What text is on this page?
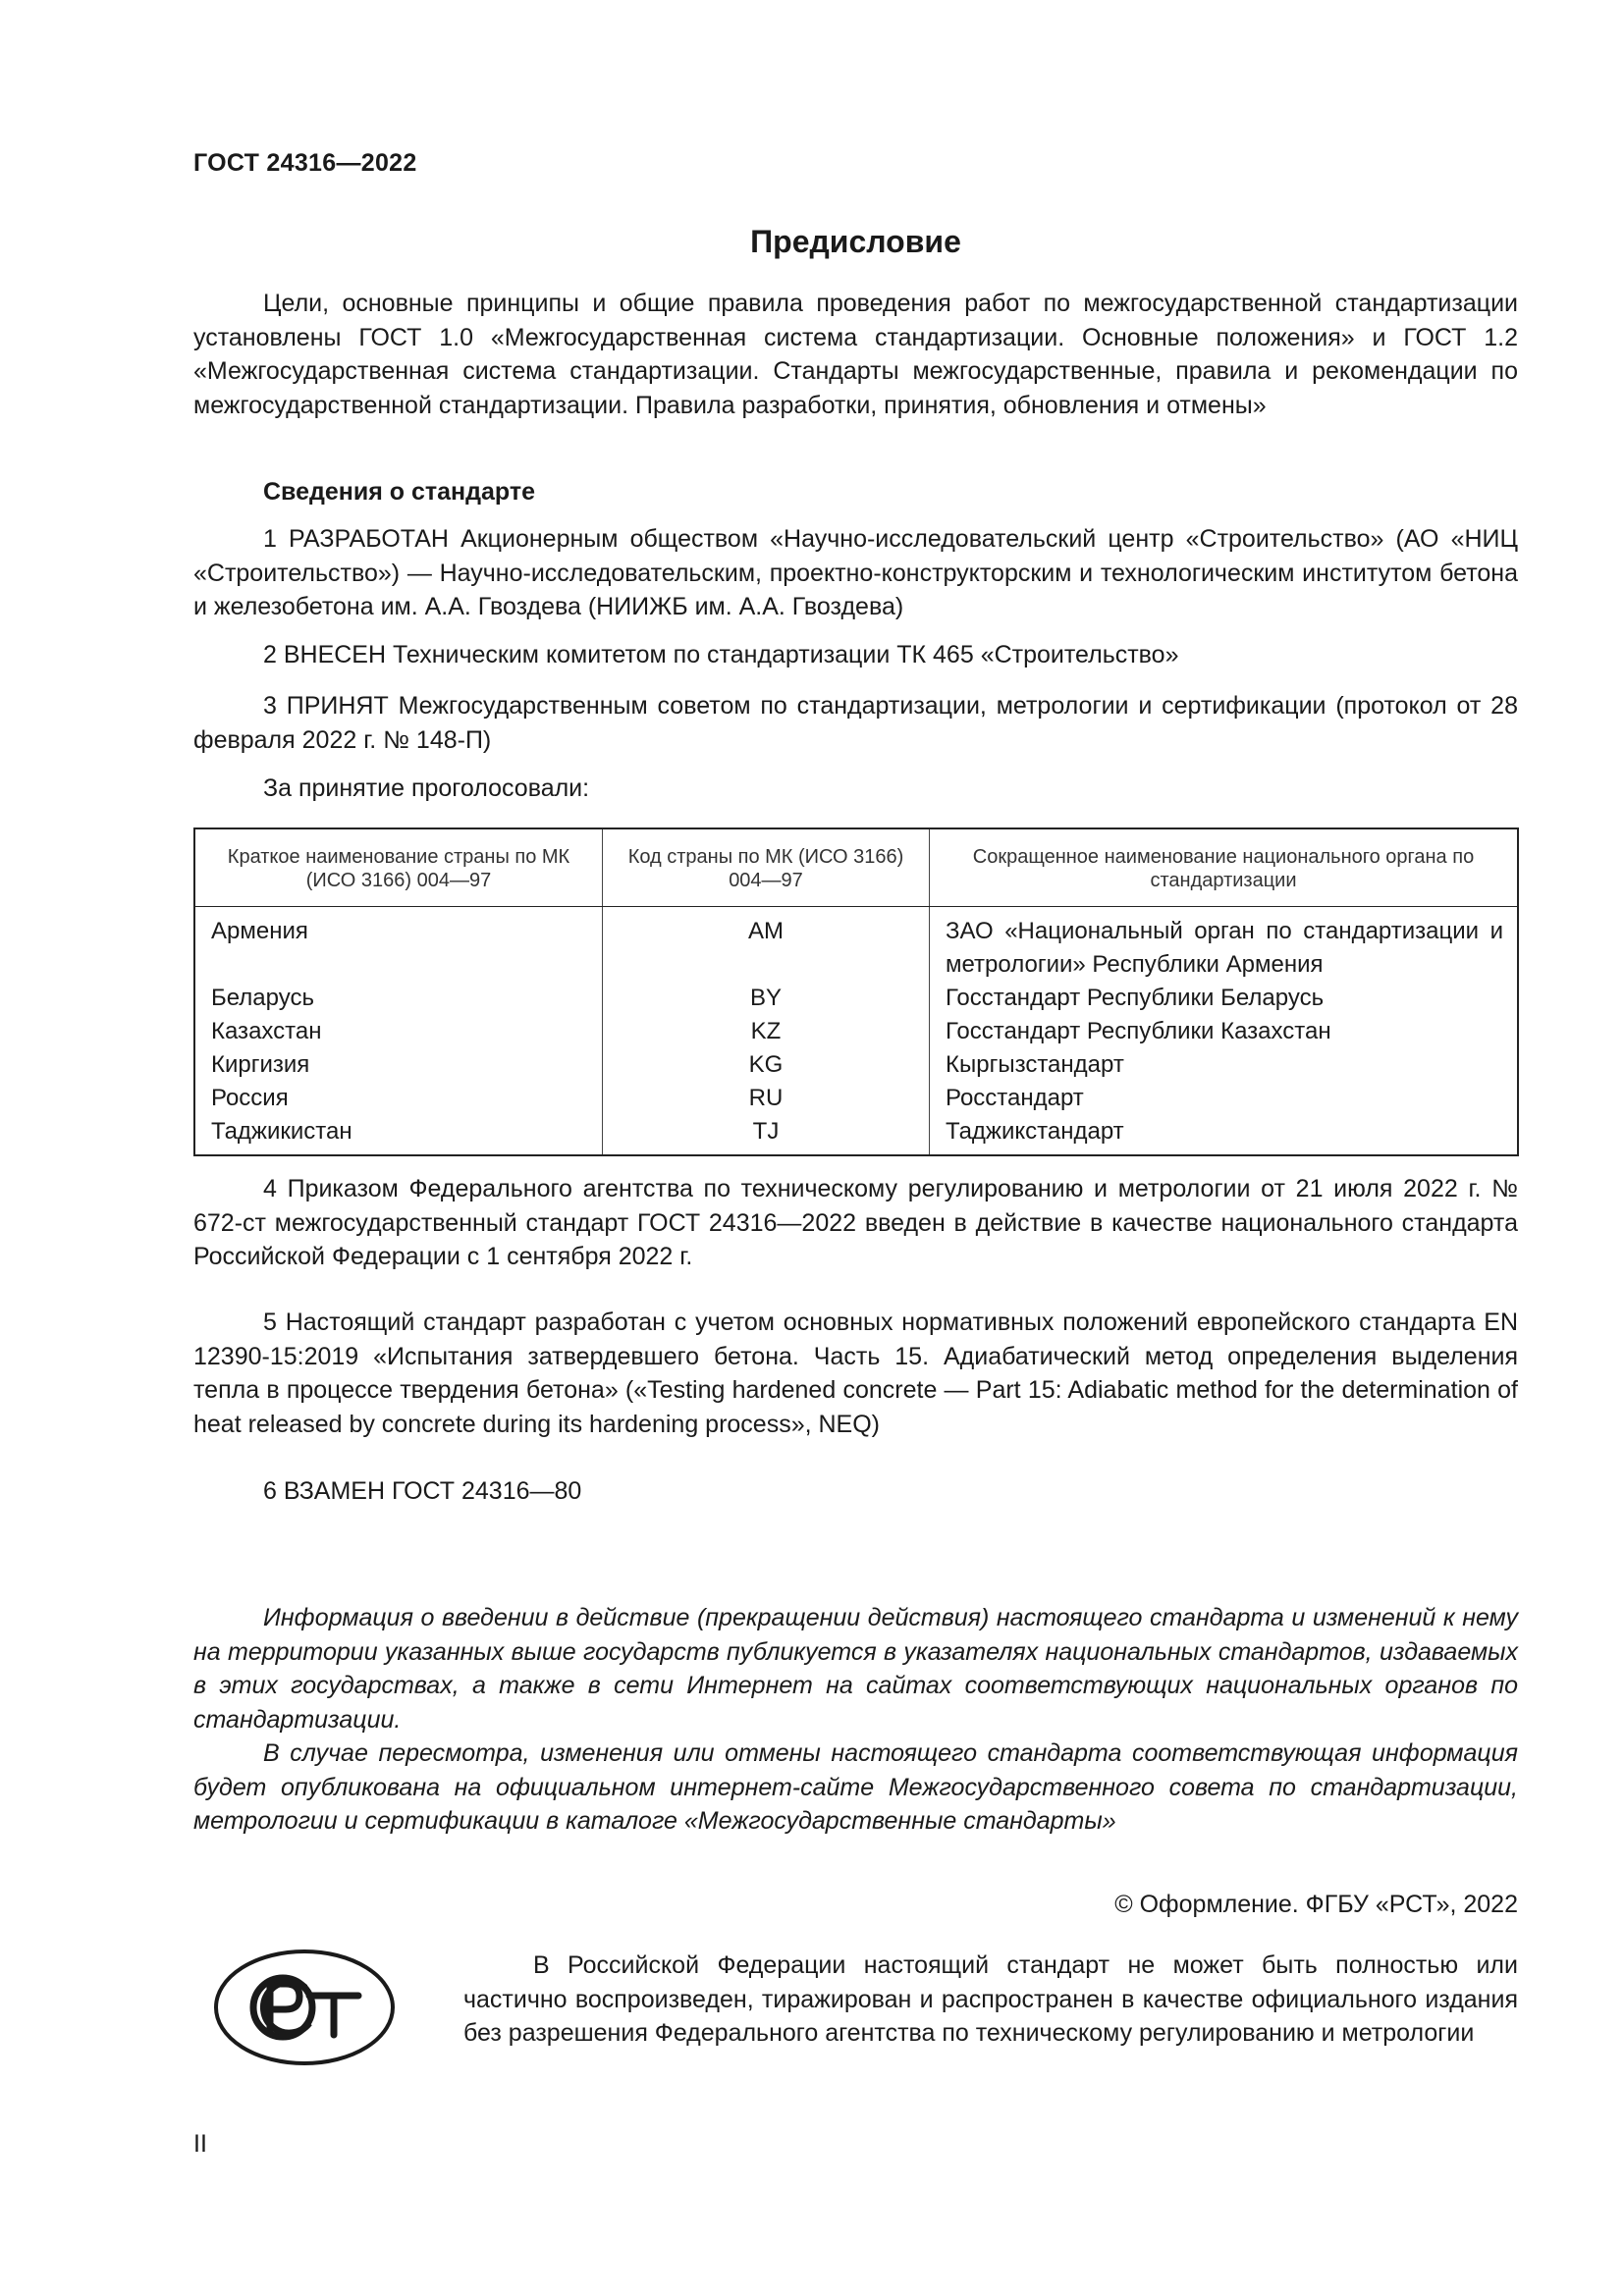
ГОСТ 24316—2022
Предисловие

Цели, основные принципы и общие правила проведения работ по межгосударственной стандартизации установлены ГОСТ 1.0 «Межгосударственная система стандартизации. Основные положения» и ГОСТ 1.2 «Межгосударственная система стандартизации. Стандарты межгосударственные, правила и рекомендации по межгосударственной стандартизации. Правила разработки, принятия, обновления и отмены»

Сведения о стандарте

1 РАЗРАБОТАН Акционерным обществом «Научно-исследовательский центр «Строительство» (АО «НИЦ «Строительство») — Научно-исследовательским, проектно-конструкторским и технологическим институтом бетона и железобетона им. А.А. Гвоздева (НИИЖБ им. А.А. Гвоздева)

2 ВНЕСЕН Техническим комитетом по стандартизации ТК 465 «Строительство»

3 ПРИНЯТ Межгосударственным советом по стандартизации, метрологии и сертификации (протокол от 28 февраля 2022 г. № 148-П)

За принятие проголосовали:
Краткое наименование страны по МК (ИСО 3166) 004—97	Код страны по МК (ИСО 3166) 004—97	Сокращенное наименование национального органа по стандартизации
Армения	AM	ЗАО «Национальный орган по стандартизации и метрологии» Республики Армения
Беларусь	BY	Госстандарт Республики Беларусь
Казахстан	KZ	Госстандарт Республики Казахстан
Киргизия	KG	Кыргызстандарт
Россия	RU	Росстандарт
Таджикистан	TJ	Таджикстандарт

4 Приказом Федерального агентства по техническому регулированию и метрологии от 21 июля 2022 г. № 672-ст межгосударственный стандарт ГОСТ 24316—2022 введен в действие в качестве национального стандарта Российской Федерации с 1 сентября 2022 г.

5 Настоящий стандарт разработан с учетом основных нормативных положений европейского стандарта EN 12390-15:2019 «Испытания затвердевшего бетона. Часть 15. Адиабатический метод определения выделения тепла в процессе твердения бетона» («Testing hardened concrete — Part 15: Adiabatic method for the determination of heat released by concrete during its hardening process», NEQ)

6 ВЗАМЕН ГОСТ 24316—80

Информация о введении в действие (прекращении действия) настоящего стандарта и изменений к нему на территории указанных выше государств публикуется в указателях национальных стандартов, издаваемых в этих государствах, а также в сети Интернет на сайтах соответствующих национальных органов по стандартизации.

В случае пересмотра, изменения или отмены настоящего стандарта соответствующая информация будет опубликована на официальном интернет-сайте Межгосударственного совета по стандартизации, метрологии и сертификации в каталоге «Межгосударственные стандарты»

© Оформление. ФГБУ «РСТ», 2022

В Российской Федерации настоящий стандарт не может быть полностью или частично воспроизведен, тиражирован и распространен в качестве официального издания без разрешения Федерального агентства по техническому регулированию и метрологии

II
